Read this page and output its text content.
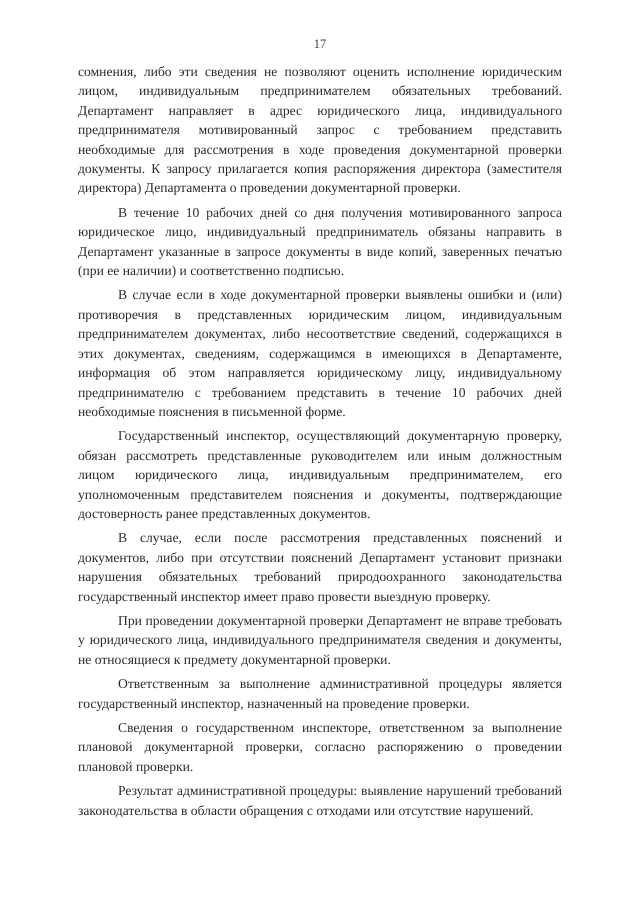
17

сомнения, либо эти сведения не позволяют оценить исполнение юридическим лицом, индивидуальным предпринимателем обязательных требований. Департамент направляет в адрес юридического лица, индивидуального предпринимателя мотивированный запрос с требованием представить необходимые для рассмотрения в ходе проведения документарной проверки документы. К запросу прилагается копия распоряжения директора (заместителя директора) Департамента о проведении документарной проверки.

В течение 10 рабочих дней со дня получения мотивированного запроса юридическое лицо, индивидуальный предприниматель обязаны направить в Департамент указанные в запросе документы в виде копий, заверенных печатью (при ее наличии) и соответственно подписью.

В случае если в ходе документарной проверки выявлены ошибки и (или) противоречия в представленных юридическим лицом, индивидуальным предпринимателем документах, либо несоответствие сведений, содержащихся в этих документах, сведениям, содержащимся в имеющихся в Департаменте, информация об этом направляется юридическому лицу, индивидуальному предпринимателю с требованием представить в течение 10 рабочих дней необходимые пояснения в письменной форме.

Государственный инспектор, осуществляющий документарную проверку, обязан рассмотреть представленные руководителем или иным должностным лицом юридического лица, индивидуальным предпринимателем, его уполномоченным представителем пояснения и документы, подтверждающие достоверность ранее представленных документов.

В случае, если после рассмотрения представленных пояснений и документов, либо при отсутствии пояснений Департамент установит признаки нарушения обязательных требований природоохранного законодательства государственный инспектор имеет право провести выездную проверку.

При проведении документарной проверки Департамент не вправе требовать у юридического лица, индивидуального предпринимателя сведения и документы, не относящиеся к предмету документарной проверки.

Ответственным за выполнение административной процедуры является государственный инспектор, назначенный на проведение проверки.

Сведения о государственном инспекторе, ответственном за выполнение плановой документарной проверки, согласно распоряжению о проведении плановой проверки.

Результат административной процедуры: выявление нарушений требований законодательства в области обращения с отходами или отсутствие нарушений.
